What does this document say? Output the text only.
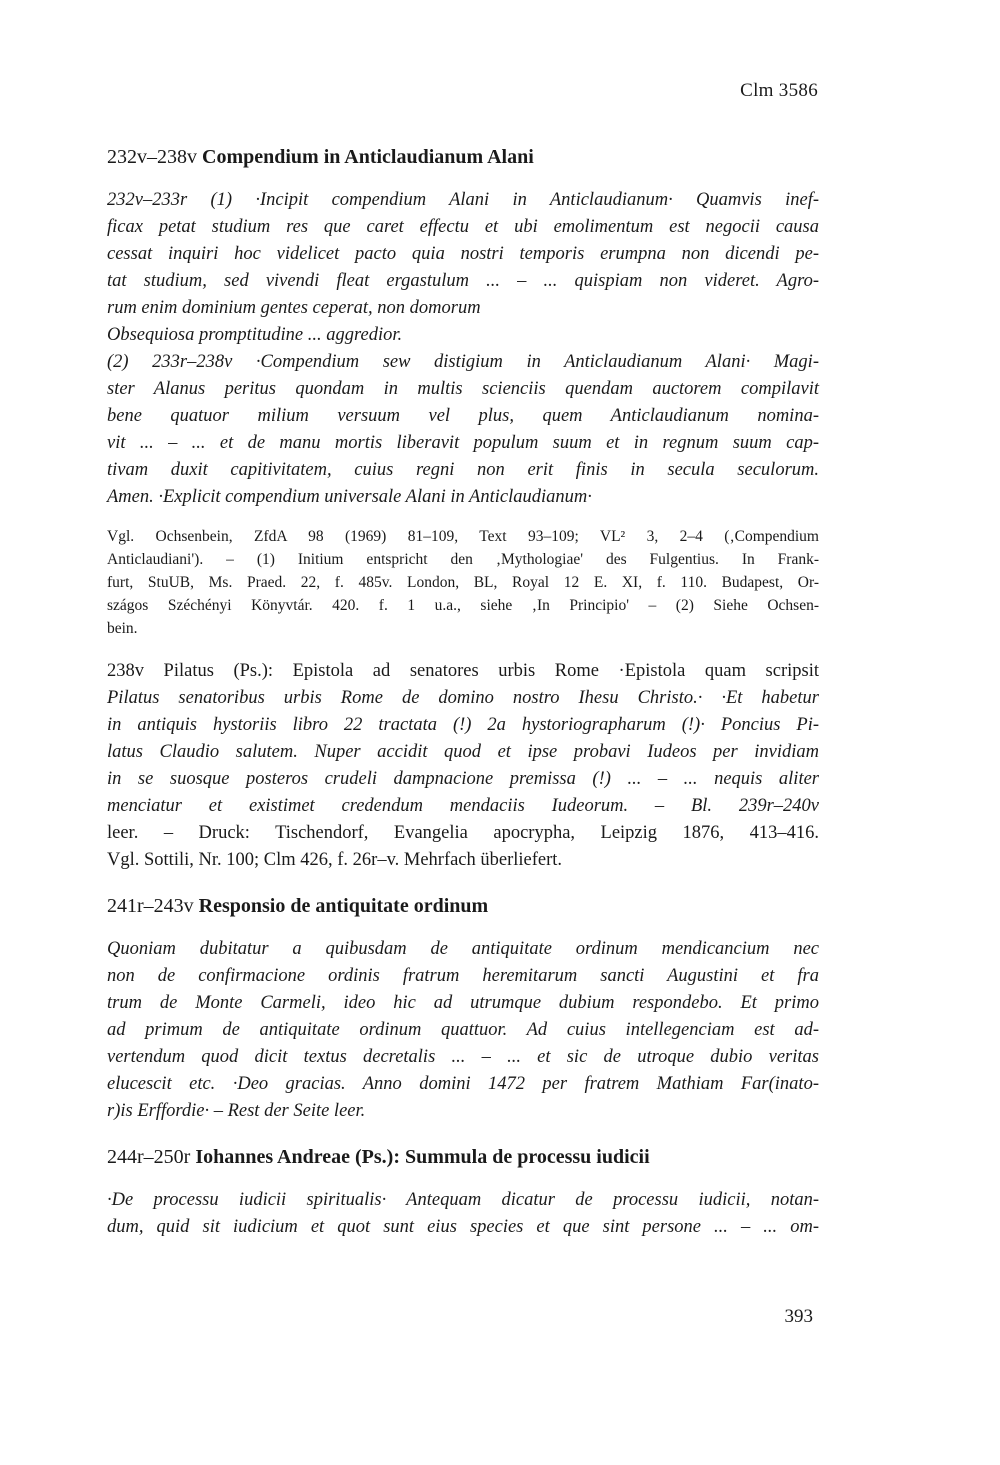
Clm 3586
232v–238v Compendium in Anticlaudianum Alani
232v–233r (1) ·Incipit compendium Alani in Anticlaudianum· Quamvis inef-
ficax petat studium res que caret effectu et ubi emolimentum est negocii causa
cessat inquiri hoc videlicet pacto quia nostri temporis erumpna non dicendi pe-
tat studium, sed vivendi fleat ergastulum ... – ... quispiam non videret. Agro-
rum enim dominium gentes ceperat, non domorum
Obsequiosa promptitudine ... aggredior.
(2) 233r–238v ·Compendium sew distigium in Anticlaudianum Alani· Magi-
ster Alanus peritus quondam in multis scienciis quendam auctorem compilavit
bene quatuor milium versuum vel plus, quem Anticlaudianum nomina-
vit ... – ... et de manu mortis liberavit populum suum et in regnum suum cap-
tivam duxit capitivitatem, cuius regni non erit finis in secula seculorum.
Amen. ·Explicit compendium universale Alani in Anticlaudianum·
Vgl. Ochsenbein, ZfdA 98 (1969) 81–109, Text 93–109; VL² 3, 2–4 (‚Compendium
Anticlaudiani'). – (1) Initium entspricht den ‚Mythologiae' des Fulgentius. In Frank-
furt, StuUB, Ms. Praed. 22, f. 485v. London, BL, Royal 12 E. XI, f. 110. Budapest, Or-
szágos Széchényi Könyvtár. 420. f. 1 u.a., siehe ‚In Principio' – (2) Siehe Ochsen-
bein.
238v Pilatus (Ps.): Epistola ad senatores urbis Rome ·Epistola quam scripsit
Pilatus senatoribus urbis Rome de domino nostro Ihesu Christo.· ·Et habetur
in antiquis hystoriis libro 22 tractata (!) 2a hystoriographarum (!)· Poncius Pi-
latus Claudio salutem. Nuper accidit quod et ipse probavi Iudeos per invidiam
in se suosque posteros crudeli dampnacione premissa (!) ... – ... nequis aliter
menciatur et existimet credendum mendaciis Iudeorum. – Bl. 239r–240v
leer. – Druck: Tischendorf, Evangelia apocrypha, Leipzig 1876, 413–416.
Vgl. Sottili, Nr. 100; Clm 426, f. 26r–v. Mehrfach überliefert.
241r–243v Responsio de antiquitate ordinum
Quoniam dubitatur a quibusdam de antiquitate ordinum mendicancium nec
non de confirmacione ordinis fratrum heremitarum sancti Augustini et fra
trum de Monte Carmeli, ideo hic ad utrumque dubium respondebo. Et primo
ad primum de antiquitate ordinum quattuor. Ad cuius intellegenciam est ad-
vertendum quod dicit textus decretalis ... – ... et sic de utroque dubio veritas
elucescit etc. ·Deo gracias. Anno domini 1472 per fratrem Mathiam Far(inato-
r)is Erffordie· – Rest der Seite leer.
244r–250r Iohannes Andreae (Ps.): Summula de processu iudicii
·De processu iudicii spiritualis· Antequam dicatur de processu iudicii, notan-
dum, quid sit iudicium et quot sunt eius species et que sint persone ... – ... om-
393
